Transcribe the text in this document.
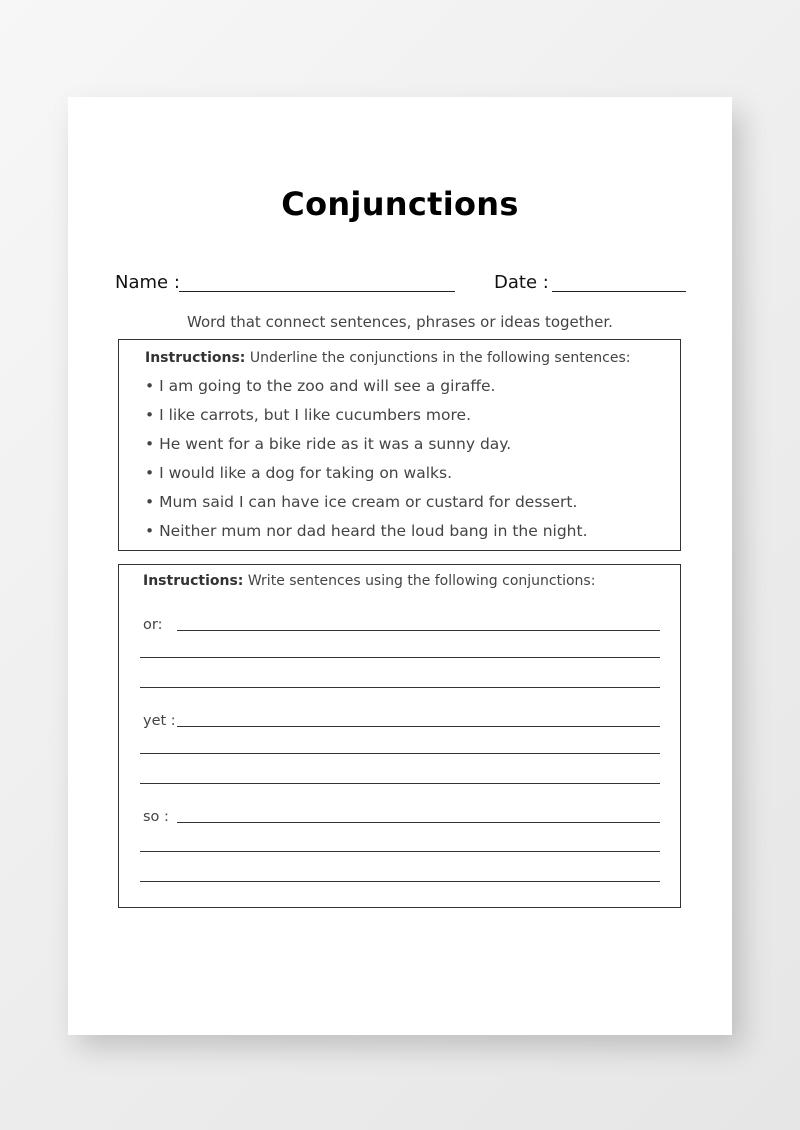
Conjunctions
Name :	Date :
Word that connect sentences, phrases or ideas together.
Instructions: Underline the conjunctions in the following sentences:
• I am going to the zoo and will see a giraffe.
• I like carrots, but I like cucumbers more.
• He went for a bike ride as it was a sunny day.
• I would like a dog for taking on walks.
• Mum said I can have ice cream or custard for dessert.
• Neither mum nor dad heard the loud bang in the night.
Instructions: Write sentences using the following conjunctions:
or:
yet :
so :
